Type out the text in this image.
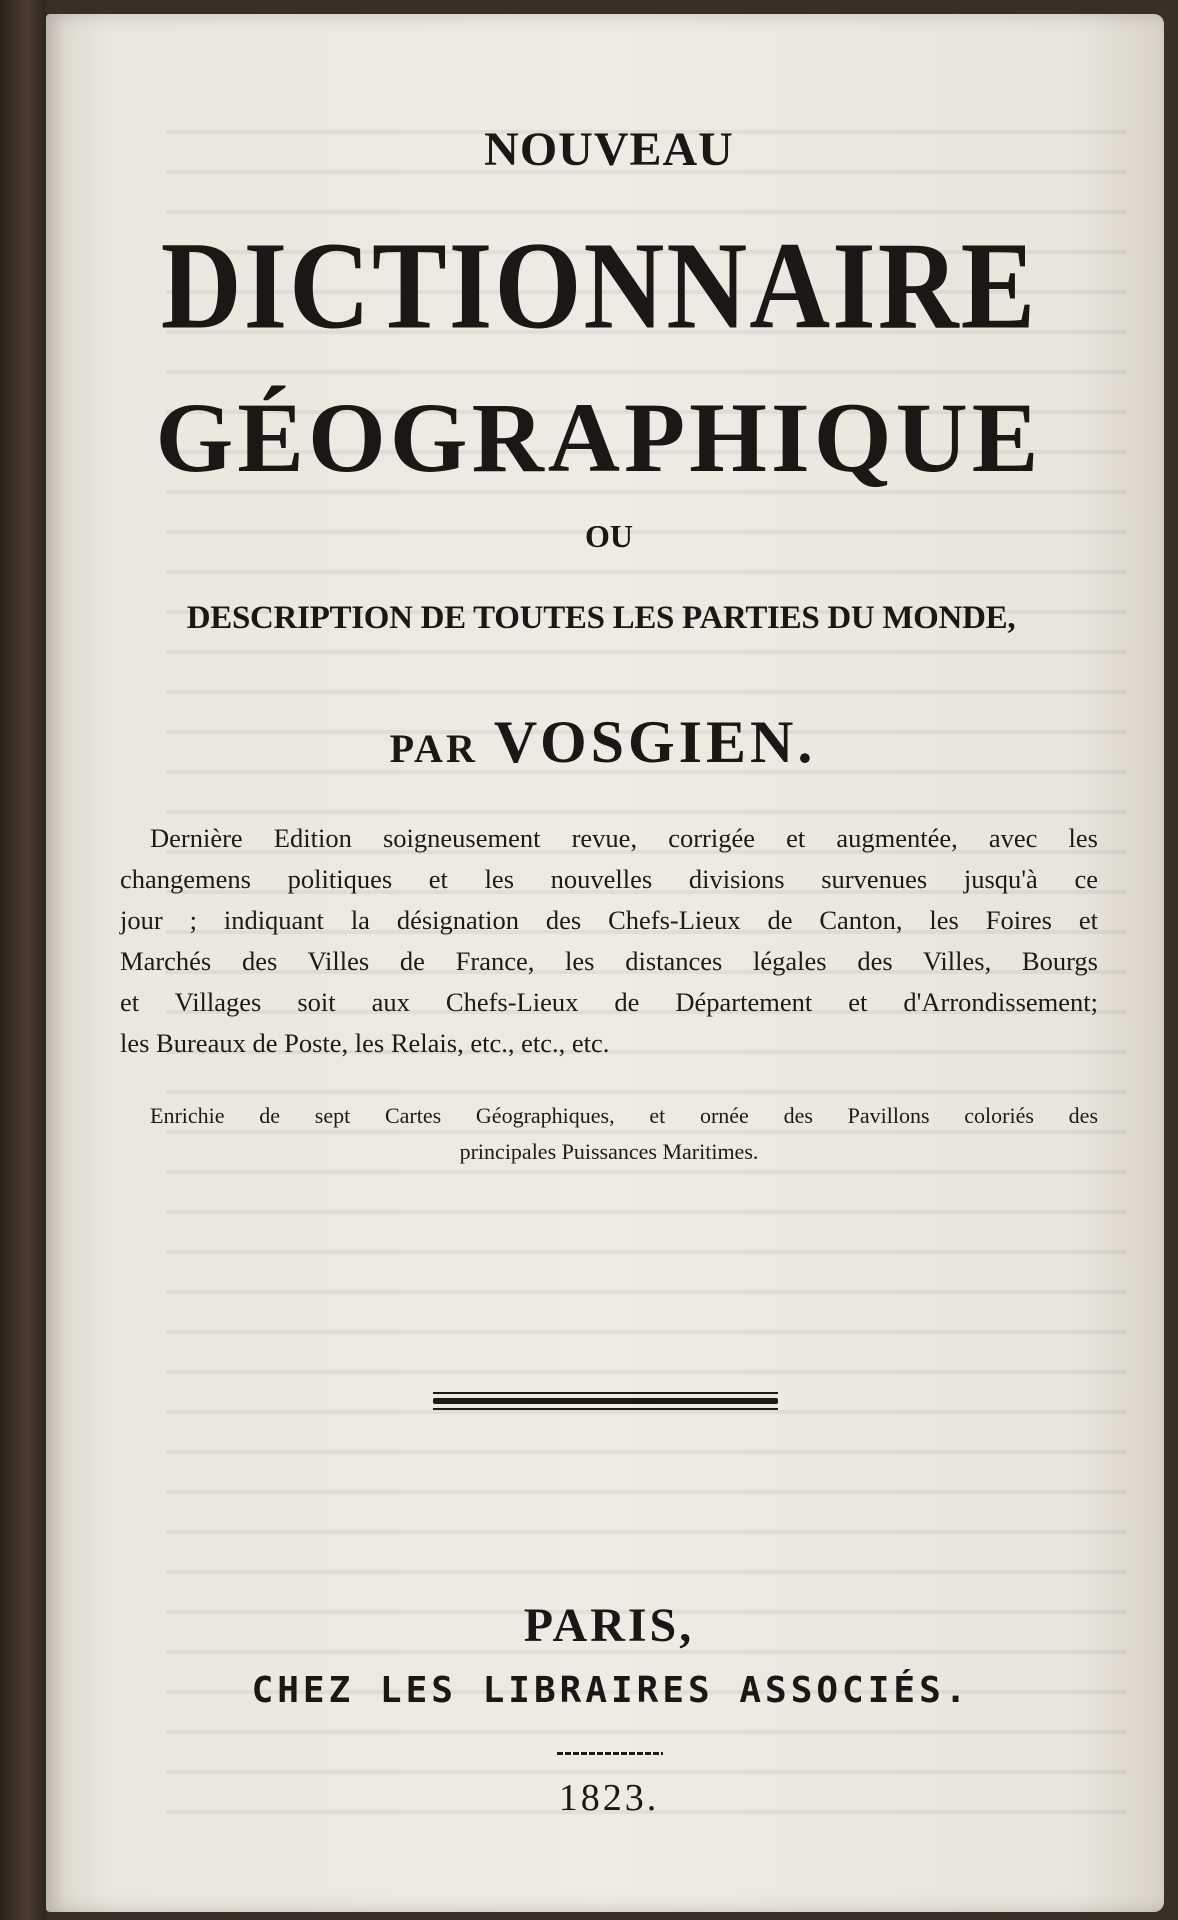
NOUVEAU
DICTIONNAIRE
GÉOGRAPHIQUE
OU
DESCRIPTION DE TOUTES LES PARTIES DU MONDE,
PAR VOSGIEN.
Dernière Edition soigneusement revue, corrigée et augmentée, avec les
changemens politiques et les nouvelles divisions survenues jusqu'à ce
jour ; indiquant la désignation des Chefs-Lieux de Canton, les Foires et
Marchés des Villes de France, les distances légales des Villes, Bourgs
et Villages soit aux Chefs-Lieux de Département et d'Arrondissement;
les Bureaux de Poste, les Relais, etc., etc., etc.
Enrichie de sept Cartes Géographiques, et ornée des Pavillons coloriés des
principales Puissances Maritimes.
PARIS,
CHEZ LES LIBRAIRES ASSOCIÉS.
1823.
